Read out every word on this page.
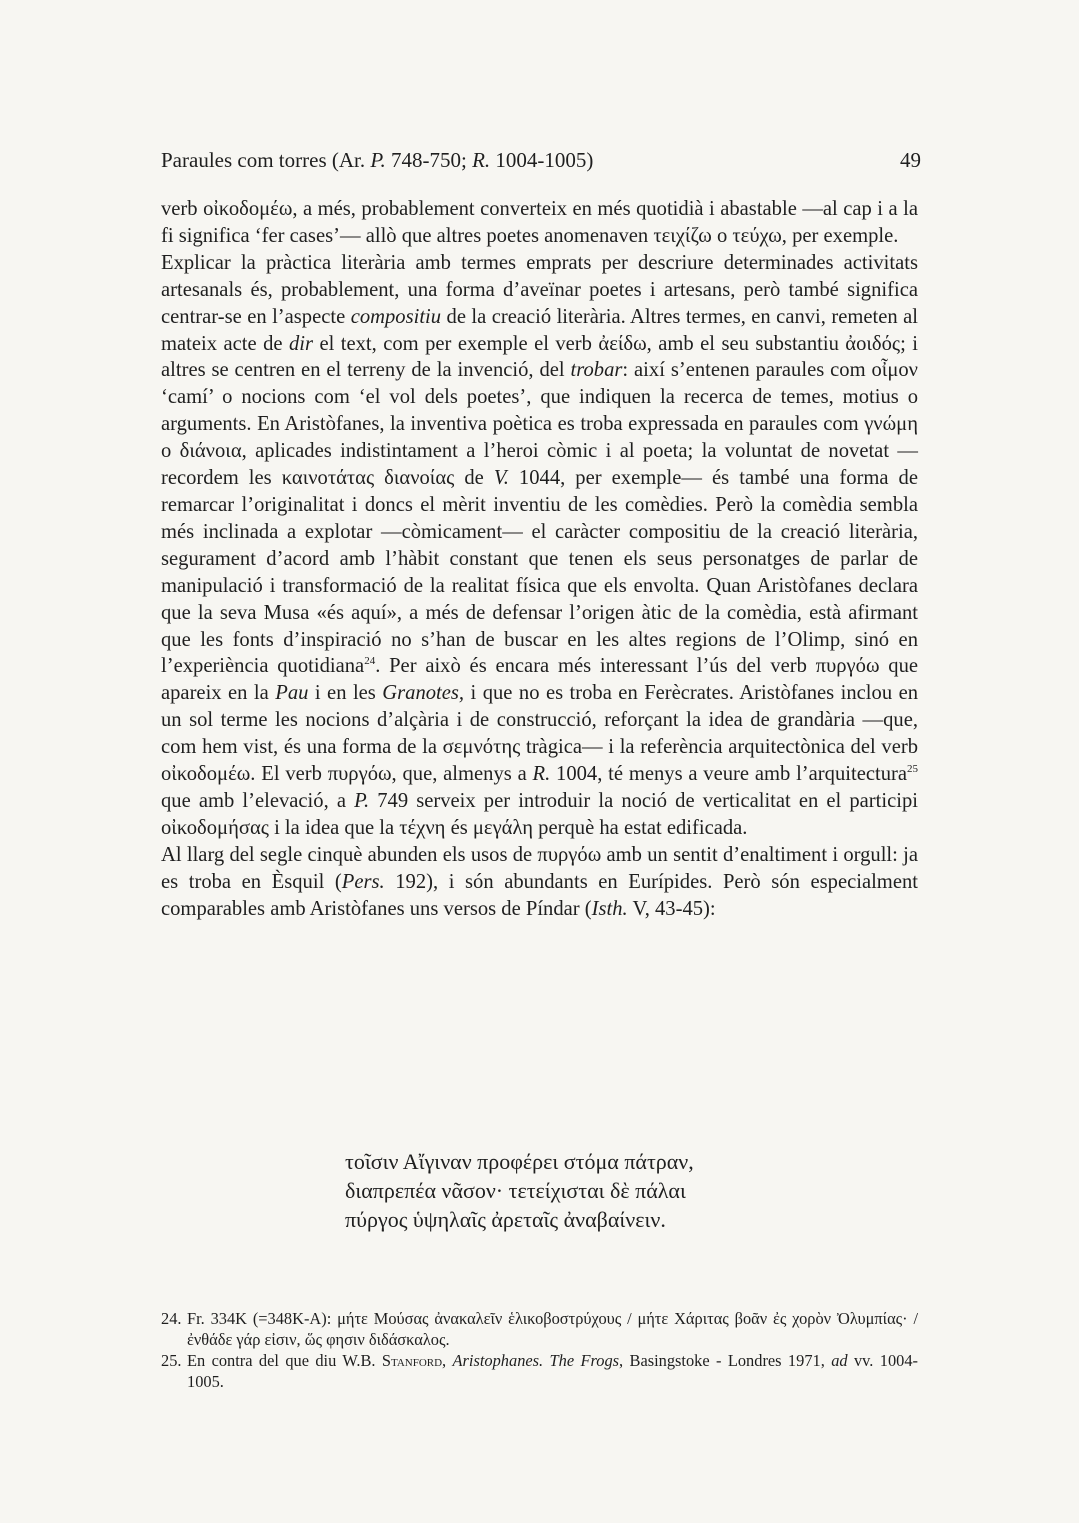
Paraules com torres (Ar. P. 748-750; R. 1004-1005)	49

verb οἰκοδομέω, a més, probablement converteix en més quotidià i abastable —al cap i a la fi significa ‘fer cases’— allò que altres poetes anomenaven τειχίζω o τεύχω, per exemple.

Explicar la pràctica literària amb termes emprats per descriure determinades activitats artesanals és, probablement, una forma d’aveïnar poetes i artesans, però també significa centrar-se en l’aspecte compositiu de la creació literària. Altres termes, en canvi, remeten al mateix acte de dir el text, com per exemple el verb ἀείδω, amb el seu substantiu ἀοιδός; i altres se centren en el terreny de la invenció, del trobar: així s’entenen paraules com οἶμον ‘camí’ o nocions com ‘el vol dels poetes’, que indiquen la recerca de temes, motius o arguments. En Aristòfanes, la inventiva poètica es troba expressada en paraules com γνώμη o διάνοια, aplicades indistintament a l’heroi còmic i al poeta; la voluntat de novetat —recordem les καινοτάτας διανοίας de V. 1044, per exemple— és també una forma de remarcar l’originalitat i doncs el mèrit inventiu de les comèdies. Però la comèdia sembla més inclinada a explotar —còmicament— el caràcter compositiu de la creació literària, segurament d’acord amb l’hàbit constant que tenen els seus personatges de parlar de manipulació i transformació de la realitat física que els envolta. Quan Aristòfanes declara que la seva Musa «és aquí», a més de defensar l’origen àtic de la comèdia, està afirmant que les fonts d’inspiració no s’han de buscar en les altes regions de l’Olimp, sinó en l’experiència quotidiana$^{24}$. Per això és encara més interessant l’ús del verb πυργόω que apareix en la Pau i en les Granotes, i que no es troba en Ferècrates. Aristòfanes inclou en un sol terme les nocions d’alçària i de construcció, reforçant la idea de grandària —que, com hem vist, és una forma de la σεμνότης tràgica— i la referència arquitectònica del verb οἰκοδομέω. El verb πυργόω, que, almenys a R. 1004, té menys a veure amb l’arquitectura$^{25}$ que amb l’elevació, a P. 749 serveix per introduir la noció de verticalitat en el participi οἰκοδομήσας i la idea que la τέχνη és μεγάλη perquè ha estat edificada.

Al llarg del segle cinquè abunden els usos de πυργόω amb un sentit d’enaltiment i orgull: ja es troba en Èsquil (Pers. 192), i són abundants en Eurípides. Però són especialment comparables amb Aristòfanes uns versos de Píndar (Isth. V, 43-45):

τοῖσιν Αἴγιναν προφέρει στόμα πάτραν,
διαπρεπέα νᾶσον· τετείχισται δὲ πάλαι
πύργος ὑψηλαῖς ἀρεταῖς ἀναβαίνειν.
24. Fr. 334K (=348K-A): μήτε Μούσας ἀνακαλεῖν ἑλικοβοστρύχους / μήτε Χάριτας βοᾶν ἐς χορὸν Ὀλυμπίας· / ἐνθάδε γάρ εἰσιν, ὥς φησιν διδάσκαλος.
25. En contra del que diu W.B. Stanford, Aristophanes. The Frogs, Basingstoke - Londres 1971, ad vv. 1004-1005.
